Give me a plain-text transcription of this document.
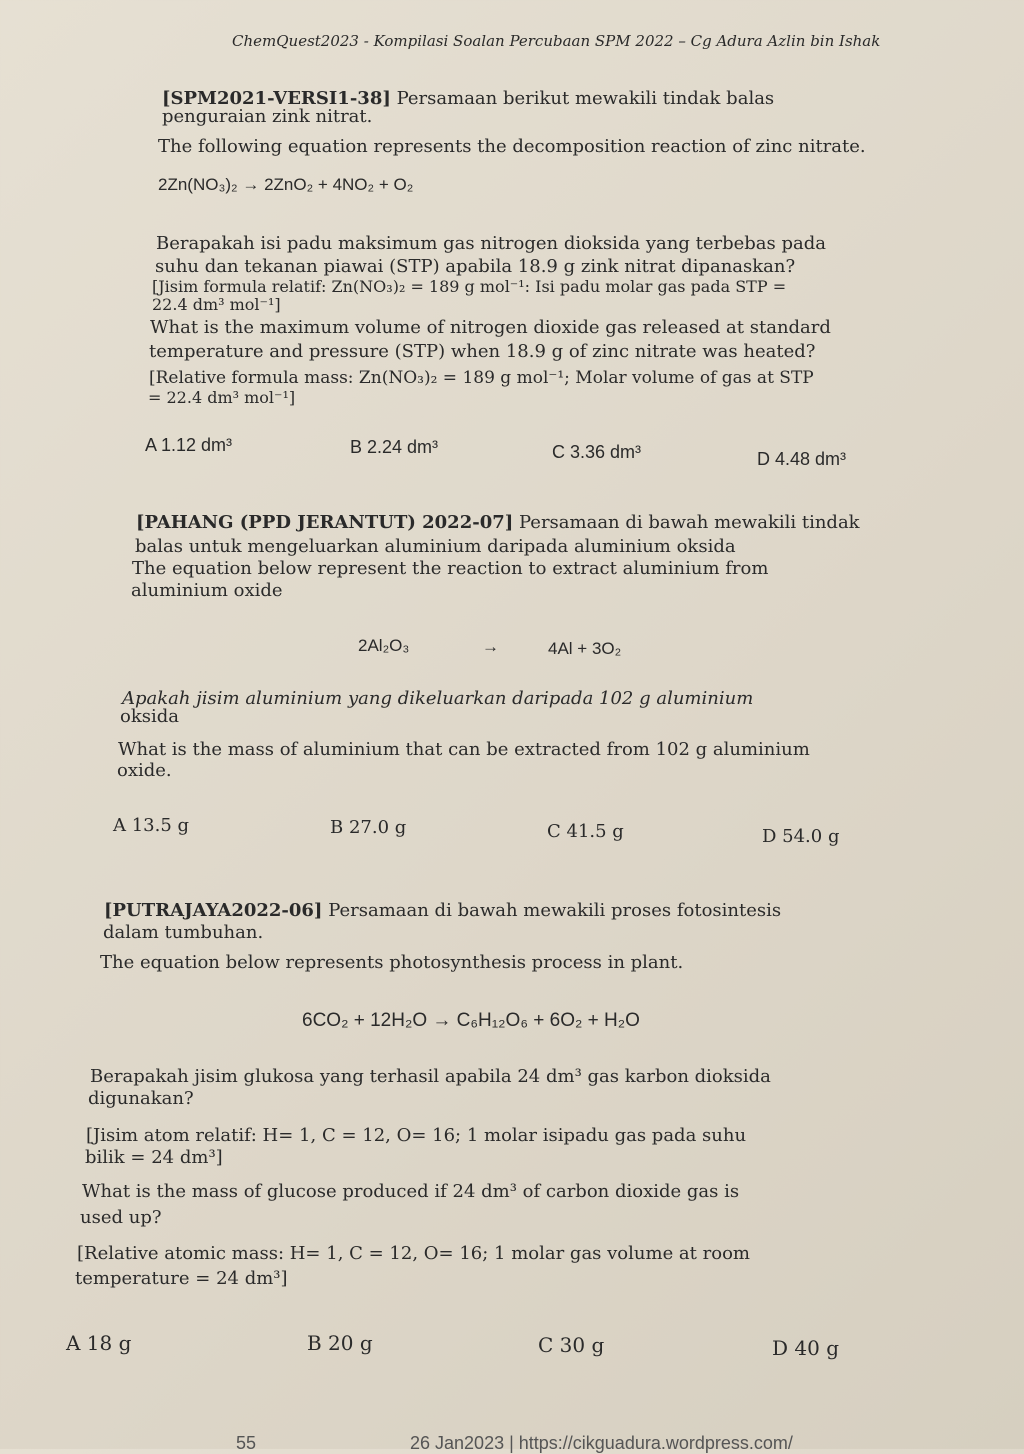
ChemQuest2023 - Kompilasi Soalan Percubaan SPM 2022 – Cg Adura Azlin bin Ishak
[SPM2021-VERSI1-38] Persamaan berikut mewakili tindak balas
penguraian zink nitrat.
The following equation represents the decomposition reaction of zinc nitrate.
2Zn(NO₃)₂ → 2ZnO₂ + 4NO₂ + O₂
Berapakah isi padu maksimum gas nitrogen dioksida yang terbebas pada
suhu dan tekanan piawai (STP) apabila 18.9 g zink nitrat dipanaskan?
[Jisim formula relatif: Zn(NO₃)₂ = 189 g mol⁻¹: Isi padu molar gas pada STP =
22.4 dm³ mol⁻¹]
What is the maximum volume of nitrogen dioxide gas released at standard
temperature and pressure (STP) when 18.9 g of zinc nitrate was heated?
[Relative formula mass: Zn(NO₃)₂ = 189 g mol⁻¹; Molar volume of gas at STP
= 22.4 dm³ mol⁻¹]
A 1.12 dm³	B 2.24 dm³	C 3.36 dm³	D 4.48 dm³
[PAHANG (PPD JERANTUT) 2022-07] Persamaan di bawah mewakili tindak
balas untuk mengeluarkan aluminium daripada aluminium oksida
The equation below represent the reaction to extract aluminium from
aluminium oxide
2Al₂O₃	→	4Al + 3O₂
Apakah jisim aluminium yang dikeluarkan daripada 102 g aluminium
oksida
What is the mass of aluminium that can be extracted from 102 g aluminium
oxide.
A 13.5 g	B 27.0 g	C 41.5 g	D 54.0 g
[PUTRAJAYA2022-06] Persamaan di bawah mewakili proses fotosintesis
dalam tumbuhan.
The equation below represents photosynthesis process in plant.
6CO₂ + 12H₂O → C₆H₁₂O₆ + 6O₂ + H₂O
Berapakah jisim glukosa yang terhasil apabila 24 dm³ gas karbon dioksida
digunakan?
[Jisim atom relatif: H= 1, C = 12, O= 16; 1 molar isipadu gas pada suhu
bilik = 24 dm³]
What is the mass of glucose produced if 24 dm³ of carbon dioxide gas is
used up?
[Relative atomic mass: H= 1, C = 12, O= 16; 1 molar gas volume at room
temperature = 24 dm³]
A 18 g	B 20 g	C 30 g	D 40 g
55	26 Jan2023 | https://cikguadura.wordpress.com/
